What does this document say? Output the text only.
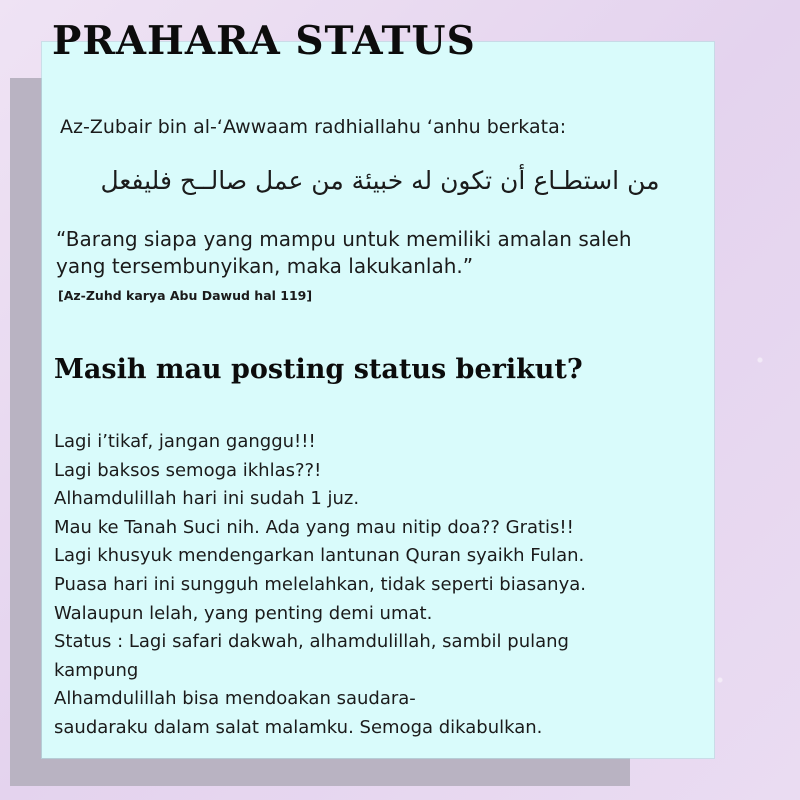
PRAHARA STATUS
Az-Zubair bin al-‘Awwaam radhiallahu ‘anhu berkata:
من استطـاع أن تكون له خبيئة من عمل صالــح فليفعل
“Barang siapa yang mampu untuk memiliki amalan saleh
yang tersembunyikan, maka lakukanlah.”
[Az-Zuhd karya Abu Dawud hal 119]
Masih mau posting status berikut?
Lagi i’tikaf, jangan ganggu!!!
Lagi baksos semoga ikhlas??!
Alhamdulillah hari ini sudah 1 juz.
Mau ke Tanah Suci nih. Ada yang mau nitip doa?? Gratis!!
Lagi khusyuk mendengarkan lantunan Quran syaikh Fulan.
Puasa hari ini sungguh melelahkan, tidak seperti biasanya.
Walaupun lelah, yang penting demi umat.
Status : Lagi safari dakwah, alhamdulillah, sambil pulang
kampung
Alhamdulillah bisa mendoakan saudara-
saudaraku dalam salat malamku. Semoga dikabulkan.
